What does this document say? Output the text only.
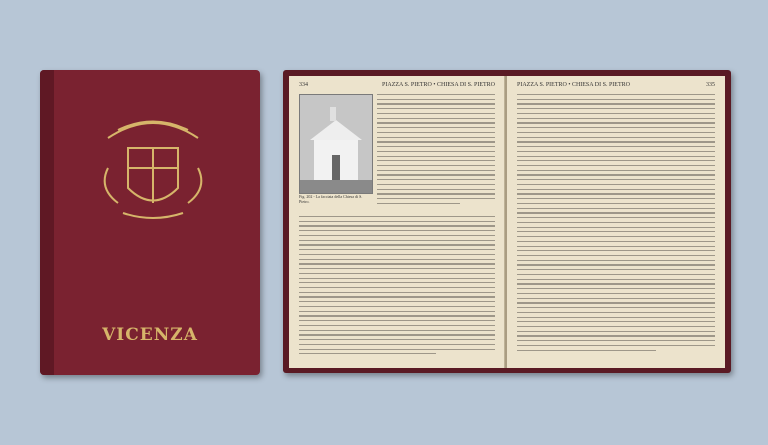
VICENZA
334	PIAZZA S. PIETRO • CHIESA DI S. PIETRO
Fig. 202 - La facciata della Chiesa di S. Pietro.
PIAZZA S. PIETRO • CHIESA DI S. PIETRO	335
